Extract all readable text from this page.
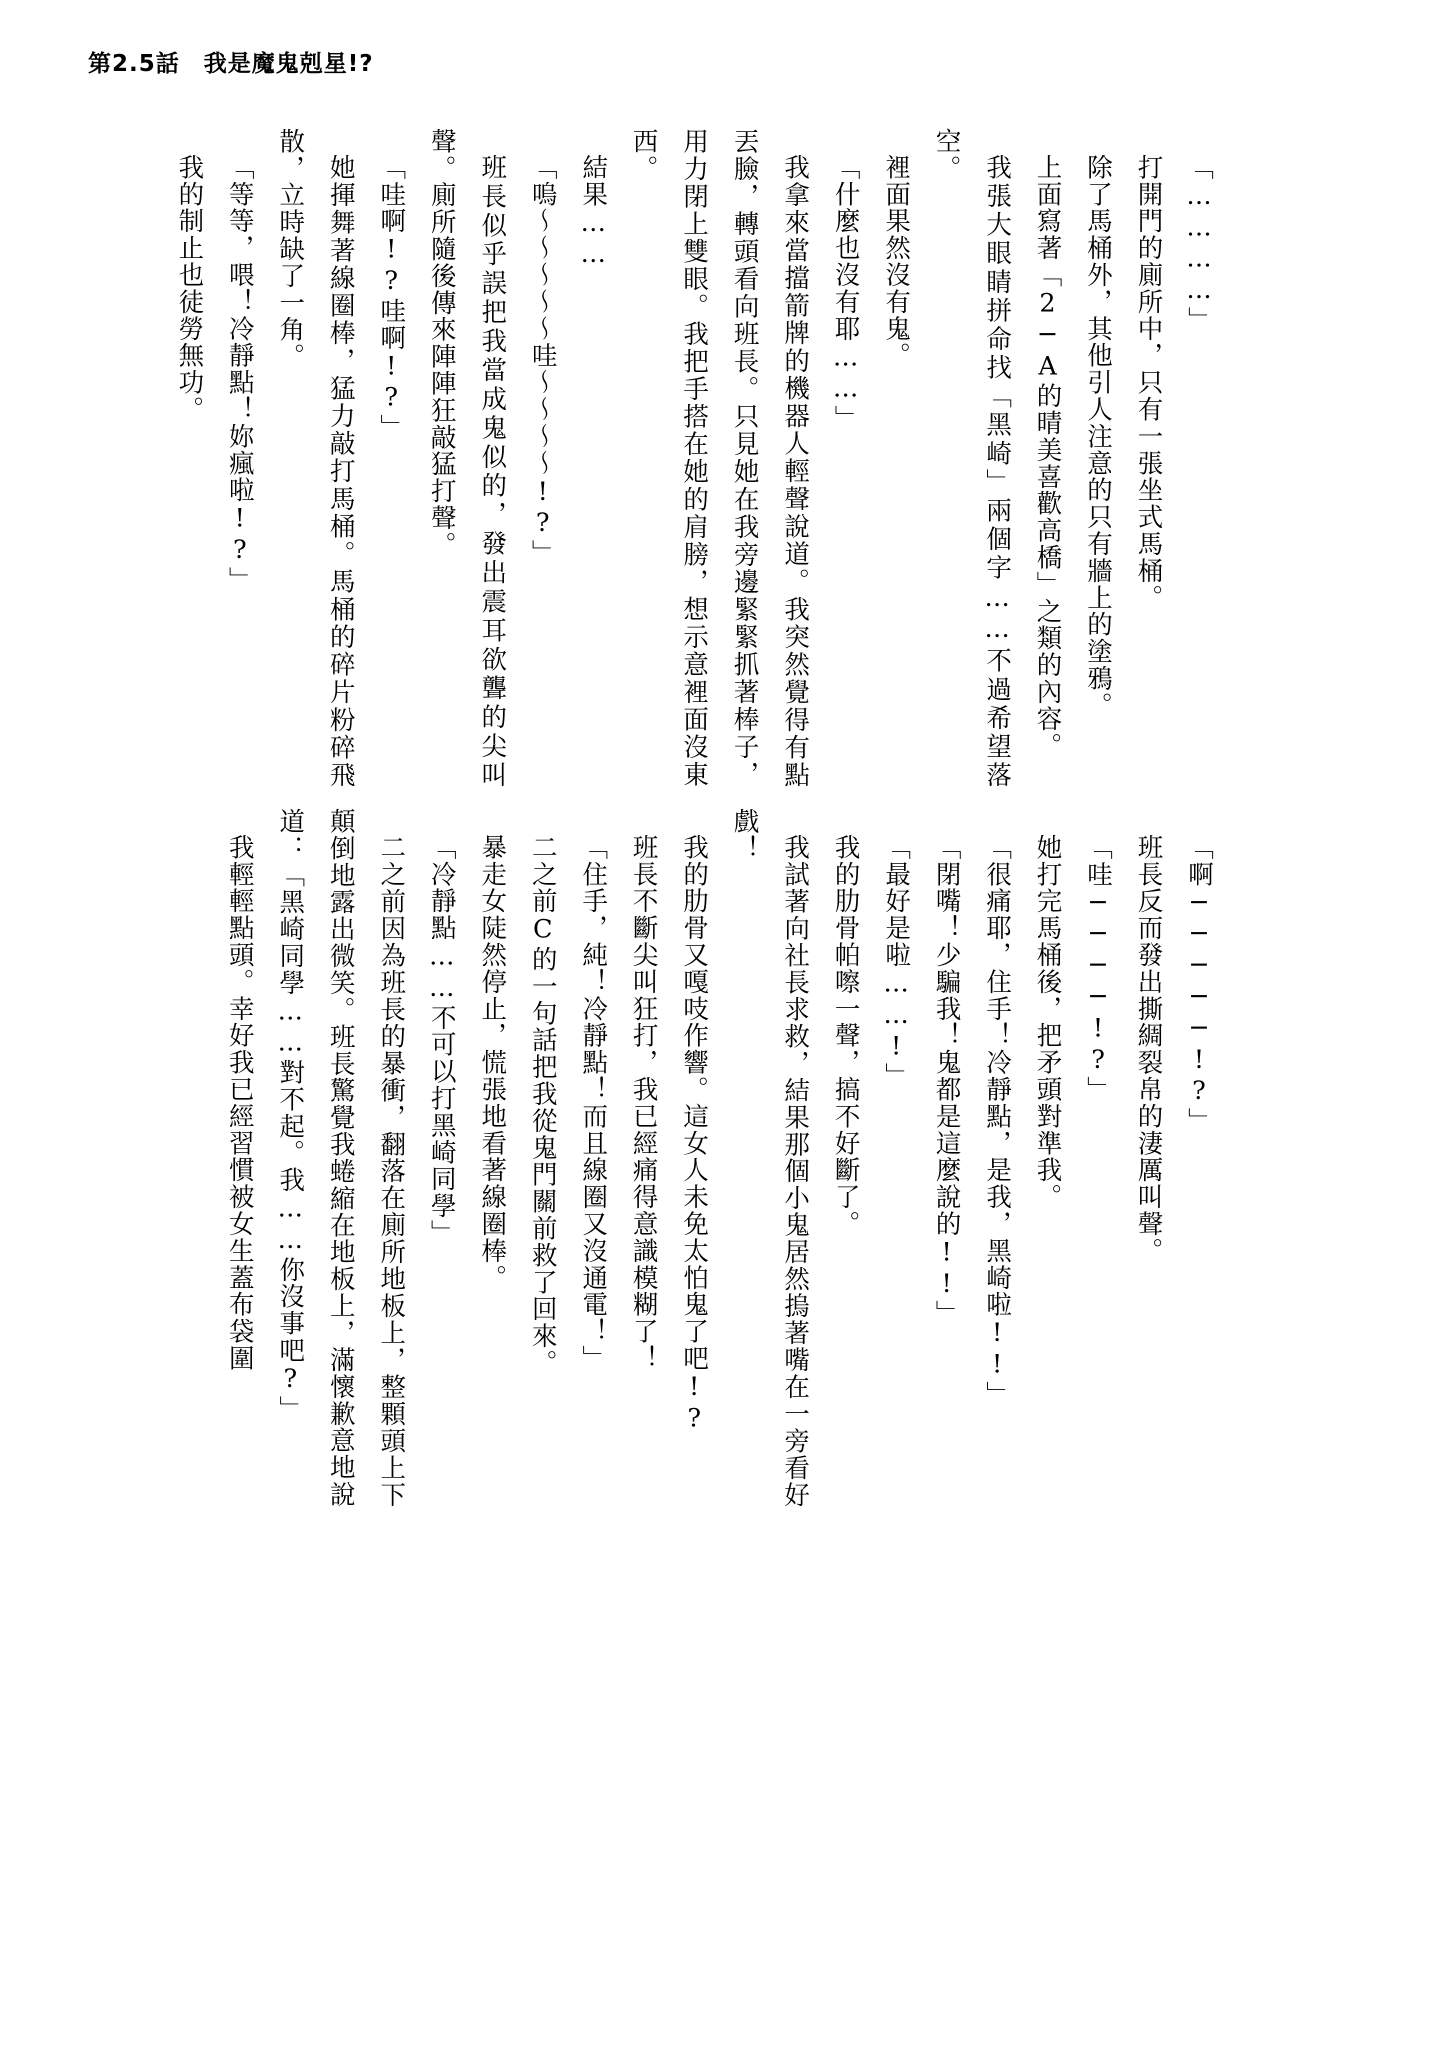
第2.5話　我是魔鬼剋星!?
「…………」
打開門的廁所中，只有一張坐式馬桶。
除了馬桶外，其他引人注意的只有牆上的塗鴉。
上面寫著「2─A的晴美喜歡高橋」之類的內容。
我張大眼睛拼命找「黑崎」兩個字……不過希望落空。
裡面果然沒有鬼。
「什麼也沒有耶……」
我拿來當擋箭牌的機器人輕聲說道。我突然覺得有點丟臉，轉頭看向班長。只見她在我旁邊緊緊抓著棒子，用力閉上雙眼。我把手搭在她的肩膀，想示意裡面沒東西。
結果……
「嗚～～～～～哇～～～～!?」
班長似乎誤把我當成鬼似的，發出震耳欲聾的尖叫聲。廁所隨後傳來陣陣狂敲猛打聲。
「哇啊!?哇啊!?」
她揮舞著線圈棒，猛力敲打馬桶。馬桶的碎片粉碎飛散，立時缺了一角。
「等等，喂！冷靜點！妳瘋啦!?」
我的制止也徒勞無功。
「啊─────!?」
班長反而發出撕綢裂帛的淒厲叫聲。
「哇────!?」
她打完馬桶後，把矛頭對準我。
「很痛耶，住手！冷靜點，是我，黑崎啦!!」
「閉嘴！少騙我！鬼都是這麼說的!!」
「最好是啦……!」
我的肋骨帕嚓一聲，搞不好斷了。
我試著向社長求救，結果那個小鬼居然摀著嘴在一旁看好戲！
我的肋骨又嘎吱作響。這女人未免太怕鬼了吧!?
班長不斷尖叫狂打，我已經痛得意識模糊了！
「住手，純！冷靜點！而且線圈又沒通電！」
二之前C的一句話把我從鬼門關前救了回來。
暴走女陡然停止，慌張地看著線圈棒。
「冷靜點……不可以打黑崎同學」
二之前因為班長的暴衝，翻落在廁所地板上，整顆頭上下顛倒地露出微笑。班長驚覺我蜷縮在地板上，滿懷歉意地說道：「黑崎同學……對不起。我……你沒事吧?」
我輕輕點頭。幸好我已經習慣被女生蓋布袋圍
